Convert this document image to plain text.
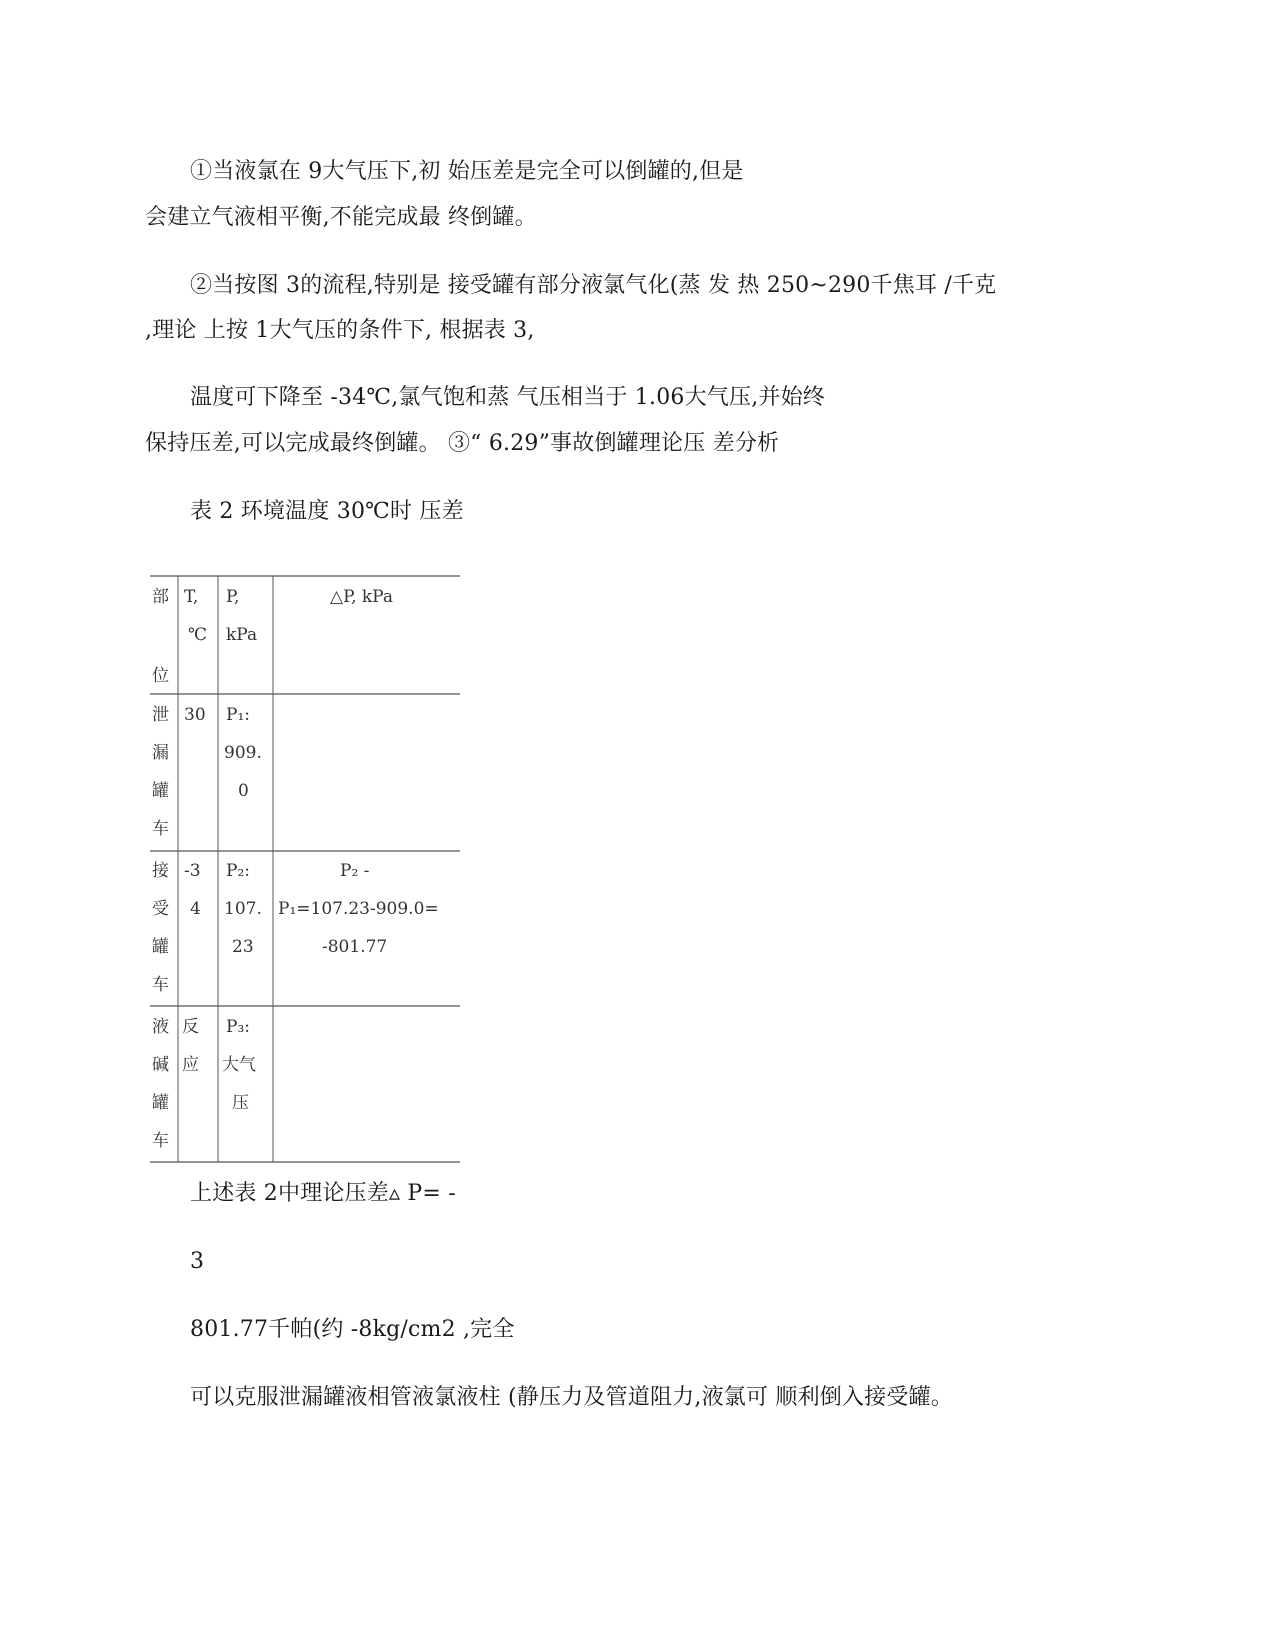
①当液氯在 9大气压下,初 始压差是完全可以倒罐的,但是
会建立气液相平衡,不能完成最 终倒罐。
②当按图 3的流程,特别是 接受罐有部分液氯气化(蒸 发 热 250~290千焦耳 /千克
,理论 上按 1大气压的条件下, 根据表 3,
温度可下降至 -34℃,氯气饱和蒸 气压相当于 1.06大气压,并始终
保持压差,可以完成最终倒罐。 ③“ 6.29”事故倒罐理论压 差分析
表 2 环境温度 30℃时 压差
部
位
T,
℃
P,
kPa
△P, kPa
泄
漏
罐
车
30 P₁:
909.
0
接
受
罐
车
-3
4
P₂:
107.
23
P₂ -
P₁=107.23-909.0=
-801.77
液
碱
罐
车
反
应
P₃:
大气
压
上述表 2中理论压差▵ P= -
3
801.77千帕(约 -8kg/cm2 ,完全
可以克服泄漏罐液相管液氯液柱 (静压力及管道阻力,液氯可 顺利倒入接受罐。
